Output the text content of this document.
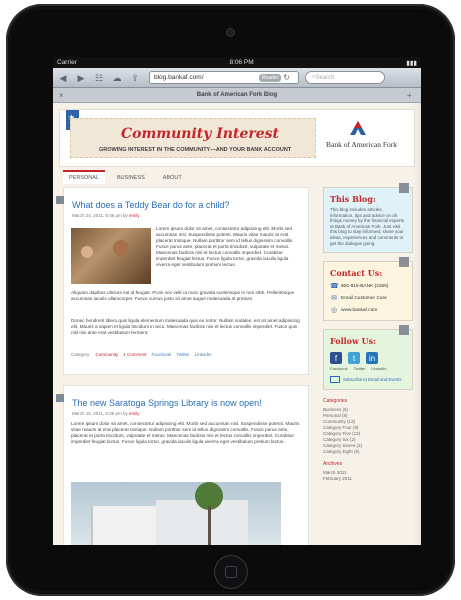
Carrier	8:06 PM	▮▮▮
◀ ▶ ☷ ☁ ⇪	blog.bankaf.com/	Reader ↻	⌕ Search
×	Bank of American Fork Blog	+
★
Community Interest
GROWING INTEREST IN THE COMMUNITY—AND YOUR BANK ACCOUNT
Bank of American Fork
PERSONAL	BUSINESS	ABOUT
What does a Teddy Bear do for a child?
March 24, 2011, 5:06 pm by emily
Lorem ipsum dolor sit amet, consectetur adipiscing elit. Morbi sed accumsan nisl. Suspendisse potenti. Mauris vitae mauris at erat placerat tristique. Nullam porttitor sem id tellus dignissim convallis. Fusce purus ante, placerat et porta tincidunt, vulputate et metus. Maecenas facilisis nisi et lectus convallis imperdiet. Curabitur imperdiet feugiat lectus. Fusce ligula tortor, gravida iaculis ligula viverra eget vestibulum pretium lectus.
Aliquam dapibus ultrices est id feugiat. Proin nec velit ut nunc gravida scelerisque in non nibh. Pellentesque accumsan iaculis ullamcorper. Fusce cursus justo sit amet augue malesuada at pretium.
Donec hendrerit libero quis ligula elementum malesuada quis eu tortor. Nullam sodales, est sit amet adipiscing elit, Mauris a sapien et ligula tincidunt in arcu. Maecenas facilisis nisi et lectus convallis imperdiet. Fusce quis nisl nisi ante erat vestibulum ferment.
Category: Community 1 Comment Facebook Twitter LinkedIn
The new Saratoga Springs Library is now open!
March 15, 2011, 5:06 pm by emily
Lorem ipsum dolor sit amet, consectetur adipiscing elit. Morbi sed accumsan nisl. Suspendisse potenti. Mauris vitae mauris at erat placerat tristique. Nullam porttitor sem id tellus dignissim convallis. Fusce purus ante, placerat et porta tincidunt, vulputate et metus. Maecenas facilisis nisi et lectus convallis imperdiet. Curabitur imperdiet feugiat lectus. Fusce ligula tortor, gravida iaculis ligula viverra eget vestibulum pretium lectus.
This Blog:
This blog includes articles, information, tips and advice on all things money by the financial experts at Bank of American Fork. Just visit this blog to stay informed, share your ideas, experiences and comments to get the dialogue going.
Contact Us:
☎ 800-815-BANK (2265)
✉ Email Customer Care
◎ www.bankaf.com
Follow Us:
f	t	in
Facebook Twitter LinkedIn
Subscribe to Email and Events
Categories
Business (5)
Personal (8)
Community (13)
Category Four (8)
Category Five (12)
Category Six (2)
Category Seven (2)
Category Eight (5)
Archives
March 2011
February 2011
